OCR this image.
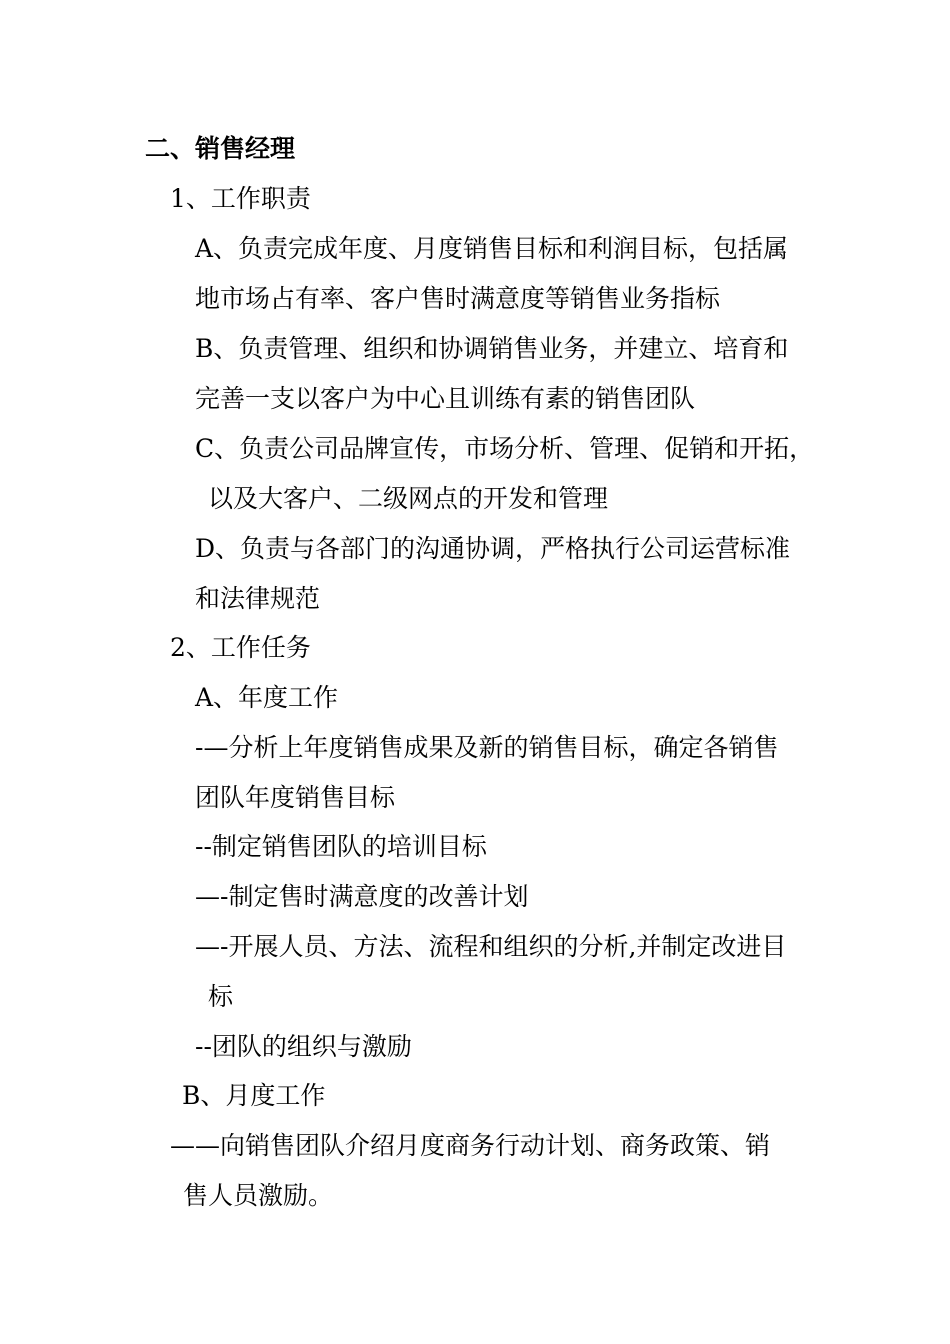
二、销售经理
1、工作职责
A、负责完成年度、月度销售目标和利润目标，包括属
地市场占有率、客户售时满意度等销售业务指标
B、负责管理、组织和协调销售业务，并建立、培育和
完善一支以客户为中心且训练有素的销售团队
C、负责公司品牌宣传，市场分析、管理、促销和开拓，
以及大客户、二级网点的开发和管理
D、负责与各部门的沟通协调，严格执行公司运营标准
和法律规范
2、工作任务
A、年度工作
-—分析上年度销售成果及新的销售目标，确定各销售
团队年度销售目标
--制定销售团队的培训目标
—-制定售时满意度的改善计划
—-开展人员、方法、流程和组织的分析,并制定改进目
标
--团队的组织与激励
B、月度工作
——向销售团队介绍月度商务行动计划、商务政策、销
售人员激励。
